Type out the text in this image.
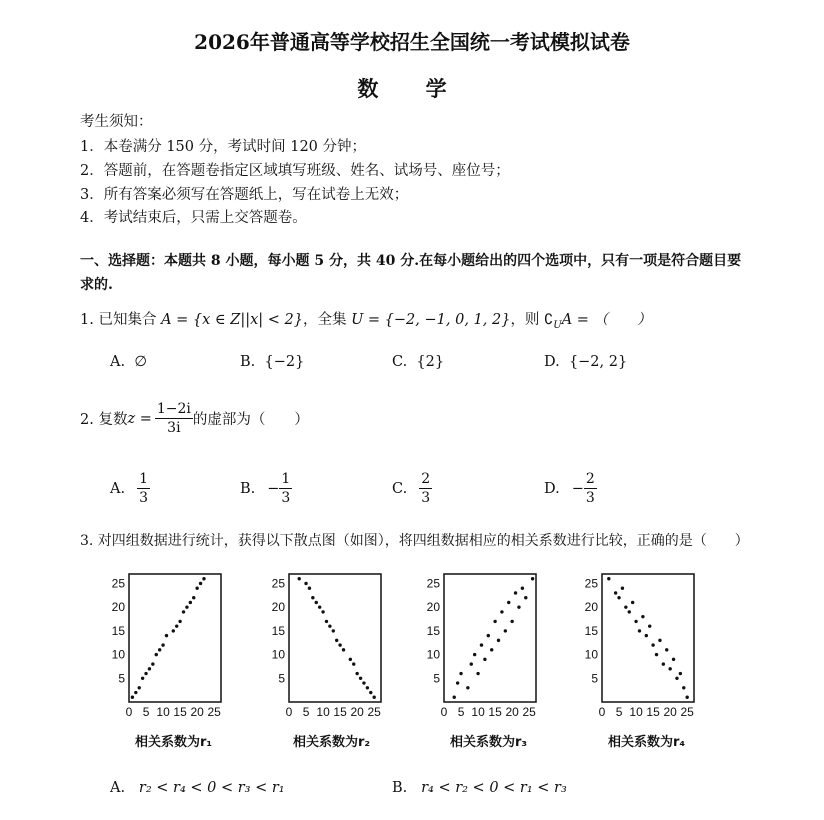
2026年普通高等学校招生全国统一考试模拟试卷
数 学
考生须知：
1．本卷满分 150 分，考试时间 120 分钟；
2．答题前，在答题卷指定区域填写班级、姓名、试场号、座位号；
3．所有答案必须写在答题纸上，写在试卷上无效；
4．考试结束后，只需上交答题卷。
一、选择题：本题共 8 小题，每小题 5 分，共 40 分.在每小题给出的四个选项中，只有一项是符合题目要
求的.
1. 已知集合 A = {x ∈ Z||x| < 2}，全集 U = {−2, −1, 0, 1, 2}，则 $∁_UA$ = （　　）
A. ∅	B. {−2}	C. {2}	D. {−2, 2}
2. 复数 $z = \frac{1-2i}{3i}$ 的虚部为（　　）
A. $\frac{1}{3}$	B. − $\frac{1}{3}$	C. $\frac{2}{3}$	D. − $\frac{2}{3}$
3. 对四组数据进行统计，获得以下散点图（如图），将四组数据相应的相关系数进行比较，正确的是（　　）
25
20
15
10
5
0 5 10 15 20 25
相关系数为r₁
25
20
15
10
5
0 5 10 15 20 25
相关系数为r₂
25
20
15
10
5
0 5 10 15 20 25
相关系数为r₃
25
20
15
10
5
0 5 10 15 20 25
相关系数为r₄
A. r₂ < r₄ < 0 < r₃ < r₁	B. r₄ < r₂ < 0 < r₁ < r₃
